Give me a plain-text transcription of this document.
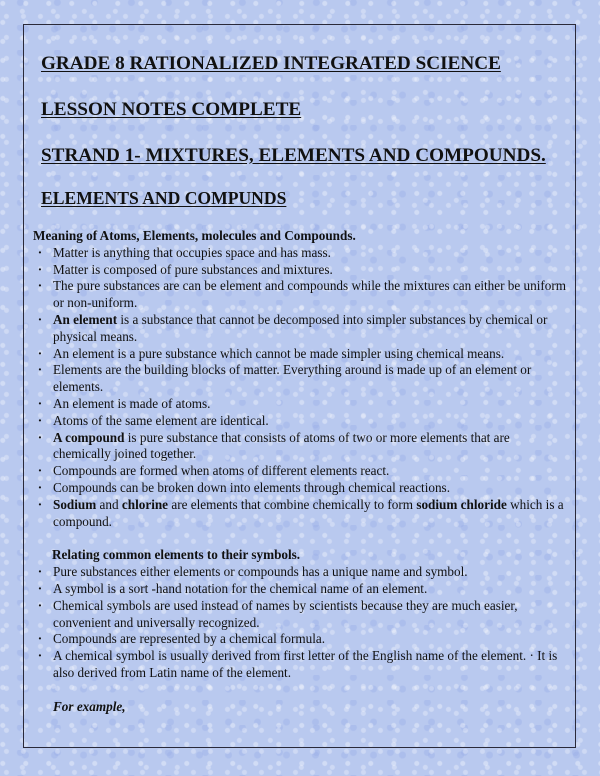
GRADE 8 RATIONALIZED INTEGRATED SCIENCE
LESSON NOTES COMPLETE
STRAND 1- MIXTURES, ELEMENTS AND COMPOUNDS.
ELEMENTS AND COMPUNDS

Meaning of Atoms, Elements, molecules and Compounds.

· Matter is anything that occupies space and has mass.
· Matter is composed of pure substances and mixtures.
· The pure substances are can be element and compounds while the mixtures can either be uniform or non-uniform.
· An element is a substance that cannot be decomposed into simpler substances by chemical or physical means.
· An element is a pure substance which cannot be made simpler using chemical means.
· Elements are the building blocks of matter. Everything around is made up of an element or elements.
· An element is made of atoms.
· Atoms of the same element are identical.
· A compound is pure substance that consists of atoms of two or more elements that are chemically joined together.
· Compounds are formed when atoms of different elements react.
· Compounds can be broken down into elements through chemical reactions.
· Sodium and chlorine are elements that combine chemically to form sodium chloride which is a compound.

Relating common elements to their symbols.

· Pure substances either elements or compounds has a unique name and symbol.
· A symbol is a sort -hand notation for the chemical name of an element.
· Chemical symbols are used instead of names by scientists because they are much easier, convenient and universally recognized.
· Compounds are represented by a chemical formula.
· A chemical symbol is usually derived from first letter of the English name of the element. · It is also derived from Latin name of the element.

For example,
